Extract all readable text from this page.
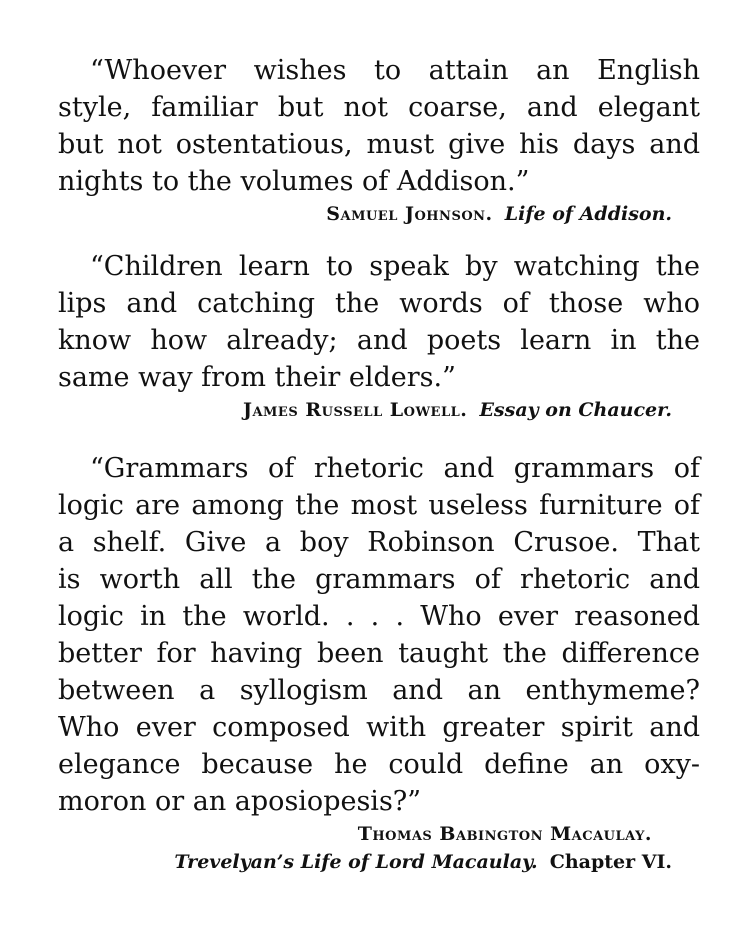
“Whoever wishes to attain an English
style, familiar but not coarse, and elegant
but not ostentatious, must give his days and
nights to the volumes of Addison.”

Samuel Johnson. Life of Addison.

“Children learn to speak by watching the
lips and catching the words of those who
know how already; and poets learn in the
same way from their elders.”

James Russell Lowell. Essay on Chaucer.

“Grammars of rhetoric and grammars of
logic are among the most useless furniture of
a shelf. Give a boy Robinson Crusoe. That
is worth all the grammars of rhetoric and
logic in the world. . . . Who ever reasoned
better for having been taught the difference
between a syllogism and an enthymeme?
Who ever composed with greater spirit and
elegance because he could define an oxy-
moron or an aposiopesis?”

Thomas Babington Macaulay.

Trevelyan’s Life of Lord Macaulay. Chapter VI.
